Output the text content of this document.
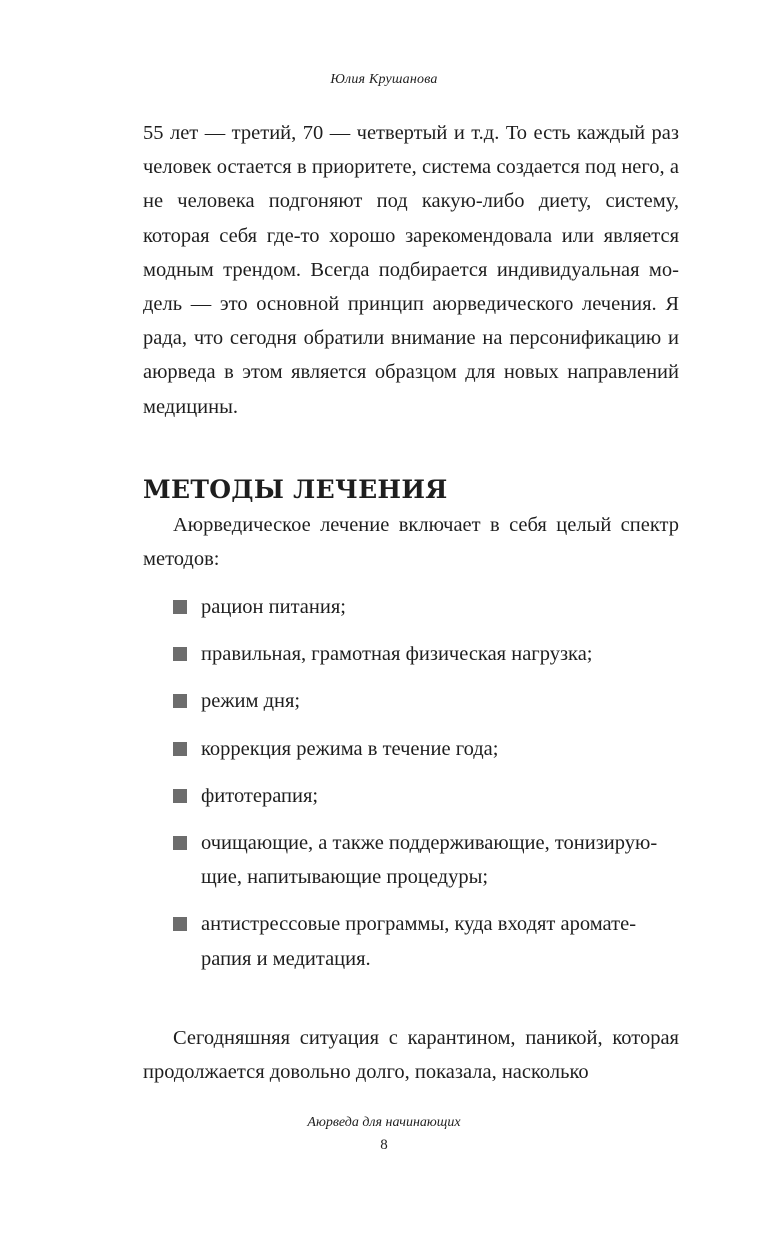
Юлия Крушанова

55 лет — третий, 70 — четвертый и т.д. То есть каждый раз человек остается в приоритете, система создается под него, а не человека подгоняют под какую-либо диету, систему, которая себя где-то хорошо зарекомендовала или является модным трендом. Всегда подбирается индивидуальная модель — это основной принцип аюрведического лечения. Я рада, что сегодня обратили внимание на персонификацию и аюрведа в этом является образцом для новых направлений медицины.

МЕТОДЫ ЛЕЧЕНИЯ

Аюрведическое лечение включает в себя целый спектр методов:

рацион питания;
правильная, грамотная физическая нагрузка;
режим дня;
коррекция режима в течение года;
фитотерапия;
очищающие, а также поддерживающие, тонизирующие, напитывающие процедуры;
антистрессовые программы, куда входят ароматерапия и медитация.

Сегодняшняя ситуация с карантином, паникой, которая продолжается довольно долго, показала, насколько

Аюрведа для начинающих
8
